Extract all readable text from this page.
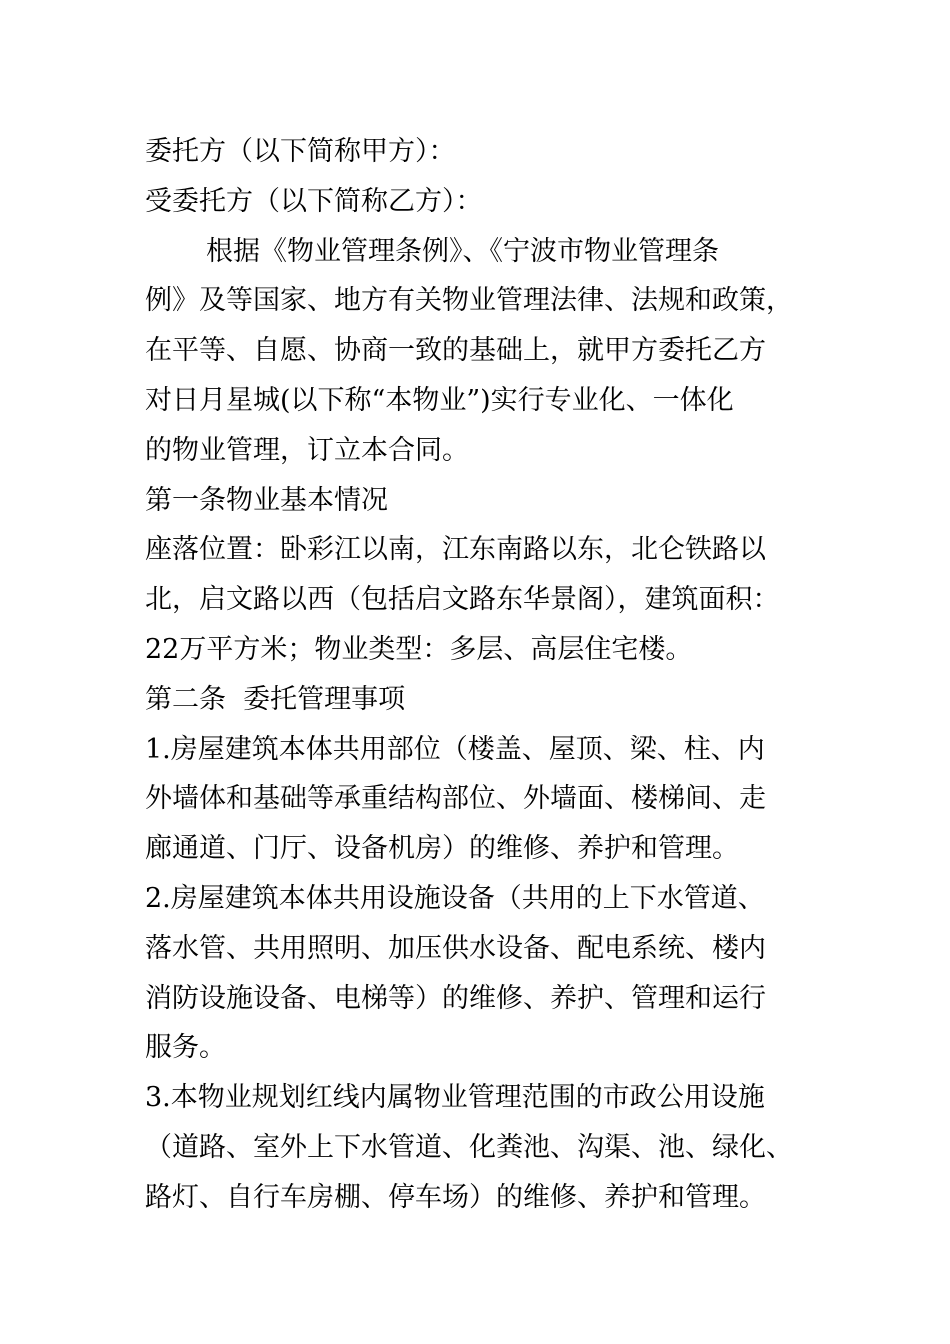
委托方（以下简称甲方）：
受委托方（以下简称乙方）：
根据《物业管理条例》、《宁波市物业管理条
例》及等国家、地方有关物业管理法律、法规和政策，
在平等、自愿、协商一致的基础上，就甲方委托乙方
对日月星城(以下称“本物业”)实行专业化、一体化
的物业管理，订立本合同。
第一条物业基本情况
座落位置：卧彩江以南，江东南路以东，北仑铁路以
北，启文路以西（包括启文路东华景阁），建筑面积：
22万平方米；物业类型：多层、高层住宅楼。
第二条  委托管理事项
1.房屋建筑本体共用部位（楼盖、屋顶、梁、柱、内
外墙体和基础等承重结构部位、外墙面、楼梯间、走
廊通道、门厅、设备机房）的维修、养护和管理。
2.房屋建筑本体共用设施设备（共用的上下水管道、
落水管、共用照明、加压供水设备、配电系统、楼内
消防设施设备、电梯等）的维修、养护、管理和运行
服务。
3.本物业规划红线内属物业管理范围的市政公用设施
（道路、室外上下水管道、化粪池、沟渠、池、绿化、
路灯、自行车房棚、停车场）的维修、养护和管理。
